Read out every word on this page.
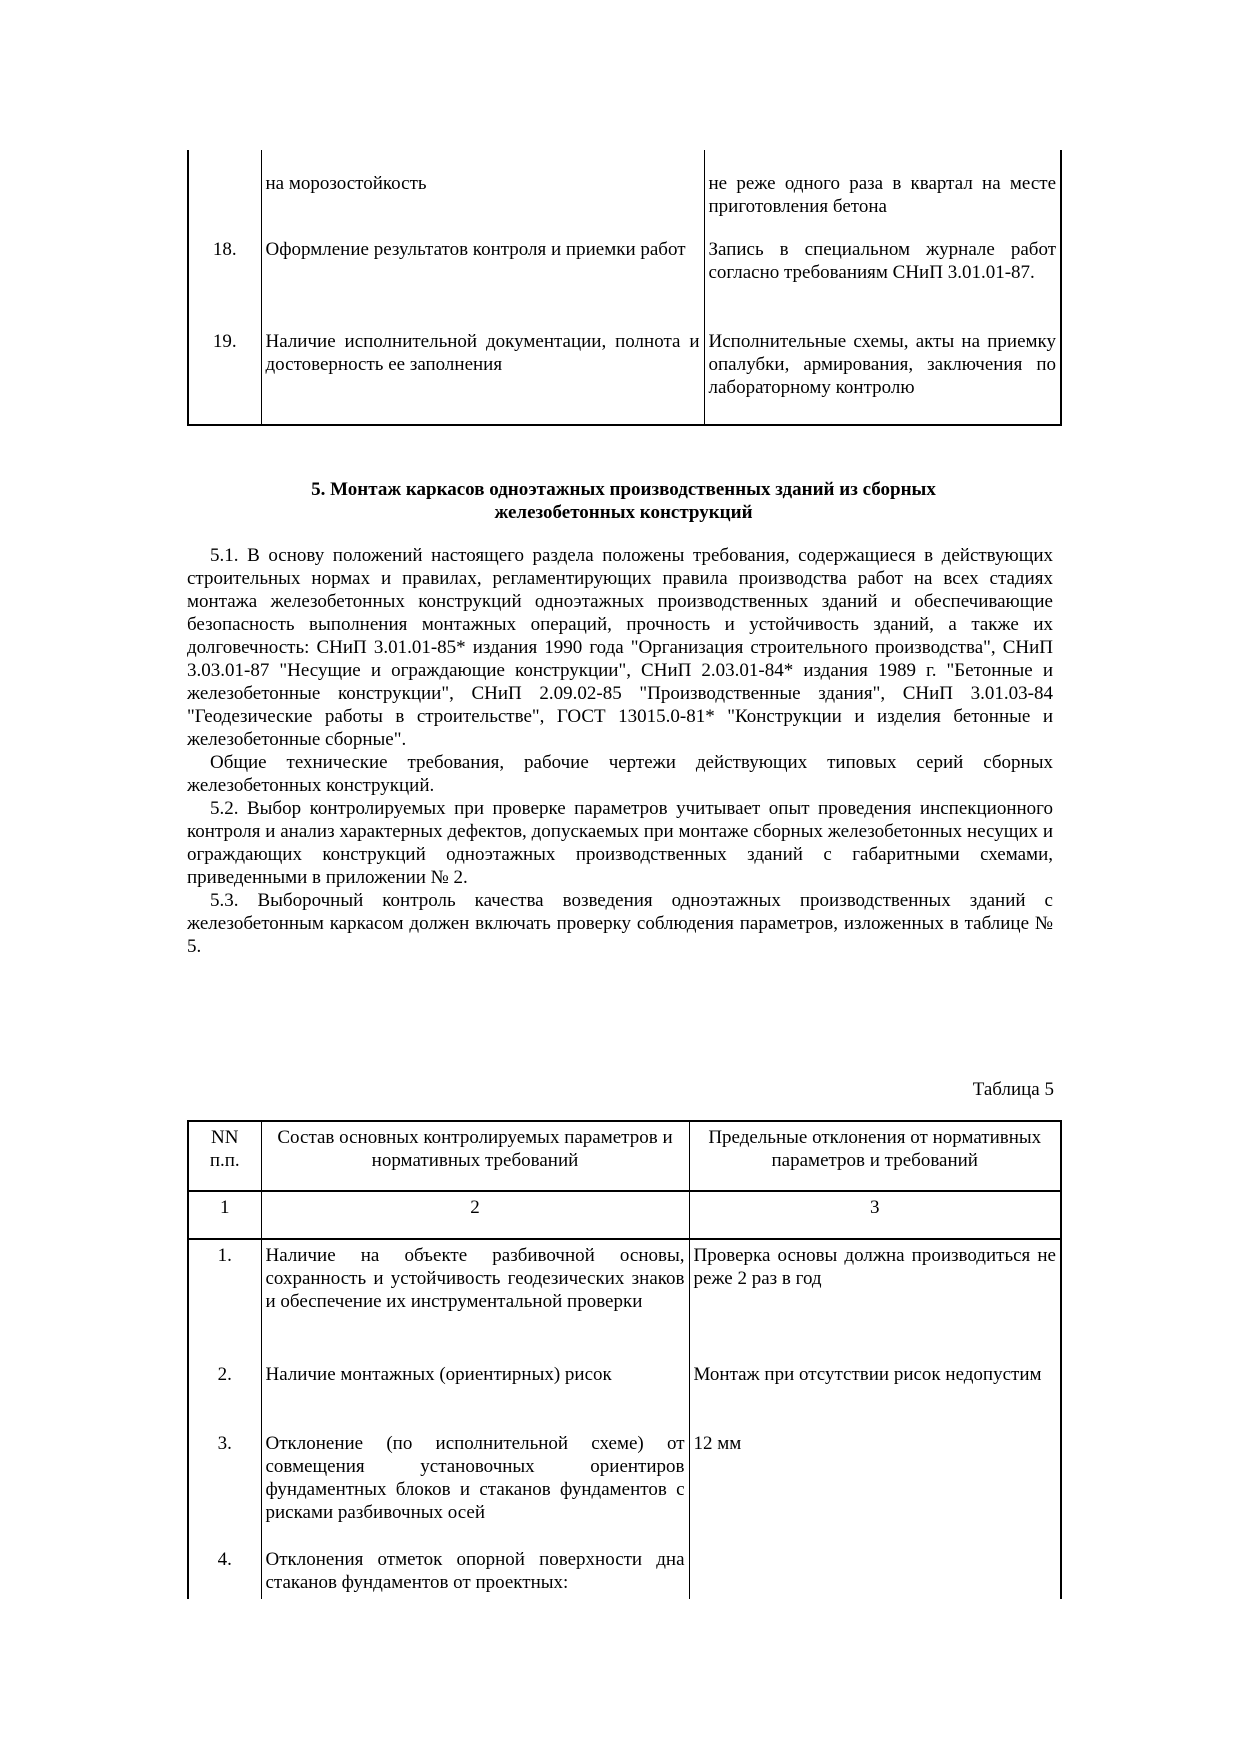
	на морозостойкость	не реже одного раза в квартал на месте приготовления бетона
18.	Оформление результатов контроля и приемки работ	Запись в специальном журнале работ согласно требованиям СНиП 3.01.01-87.
19.	Наличие исполнительной документации, полнота и достоверность ее заполнения	Исполнительные схемы, акты на приемку опалубки, армирования, заключения по лабораторному контролю
5. Монтаж каркасов одноэтажных производственных зданий из сборных
железобетонных конструкций

5.1. В основу положений настоящего раздела положены требования, содержащиеся в действующих строительных нормах и правилах, регламентирующих правила производства работ на всех стадиях монтажа железобетонных конструкций одноэтажных производственных зданий и обеспечивающие безопасность выполнения монтажных операций, прочность и устойчивость зданий, а также их долговечность: СНиП 3.01.01-85* издания 1990 года "Организация строительного производства", СНиП 3.03.01-87 "Несущие и ограждающие конструкции", СНиП 2.03.01-84* издания 1989 г. "Бетонные и железобетонные конструкции", СНиП 2.09.02-85 "Производственные здания", СНиП 3.01.03-84 "Геодезические работы в строительстве", ГОСТ 13015.0-81* "Конструкции и изделия бетонные и железобетонные сборные".

Общие технические требования, рабочие чертежи действующих типовых серий сборных железобетонных конструкций.

5.2. Выбор контролируемых при проверке параметров учитывает опыт проведения инспекционного контроля и анализ характерных дефектов, допускаемых при монтаже сборных железобетонных несущих и ограждающих конструкций одноэтажных производственных зданий с габаритными схемами, приведенными в приложении № 2.

5.3. Выборочный контроль качества возведения одноэтажных производственных зданий с железобетонным каркасом должен включать проверку соблюдения параметров, изложенных в таблице № 5.

Таблица 5
NN п.п.	Состав основных контролируемых параметров и нормативных требований	Предельные отклонения от нормативных параметров и требований
1	2	3
1.	Наличие на объекте разбивочной основы, сохранность и устойчивость геодезических знаков и обеспечение их инструментальной проверки	Проверка основы должна производиться не реже 2 раз в год
2.	Наличие монтажных (ориентирных) рисок	Монтаж при отсутствии рисок недопустим
3.	Отклонение (по исполнительной схеме) от совмещения установочных ориентиров фундаментных блоков и стаканов фундаментов с рисками разбивочных осей	12 мм
4.	Отклонения отметок опорной поверхности дна стаканов фундаментов от проектных:	
